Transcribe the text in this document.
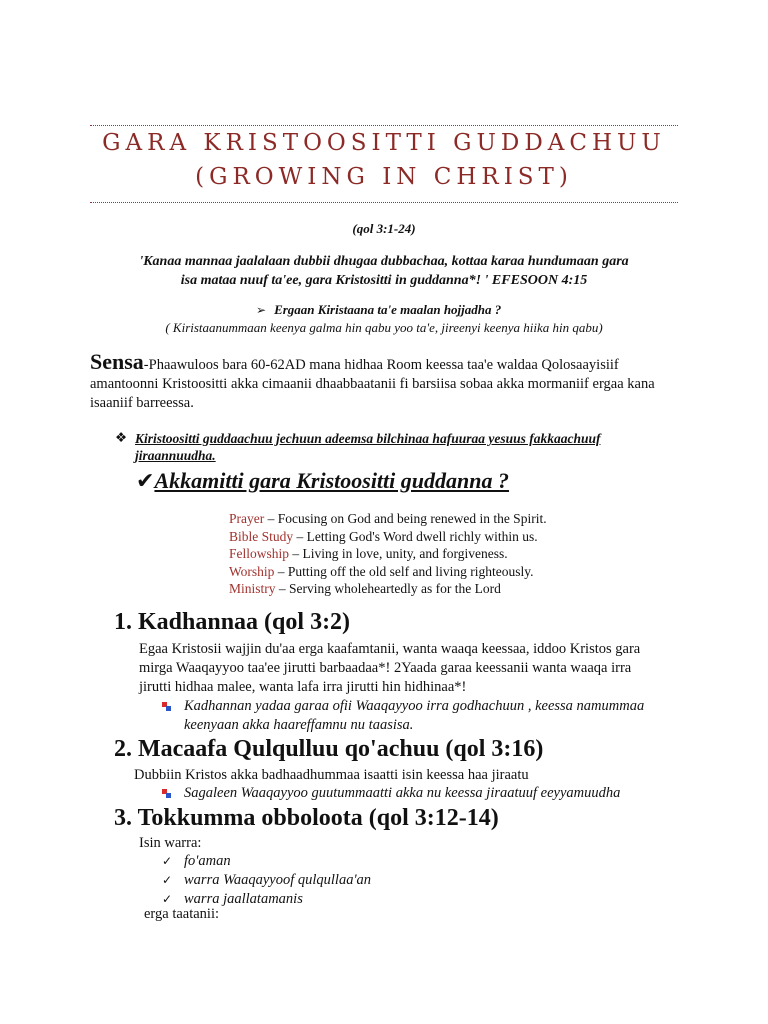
GARA KRISTOOSITTI GUDDACHUU
(GROWING IN CHRIST)
(qol 3:1-24)
'Kanaa mannaa jaalalaan dubbii dhugaa dubbachaa, kottaa karaa hundumaan gara
isa mataa nuuf ta'ee, gara Kristositti in guddanna*! ' EFESOON 4:15
➢ Ergaan Kiristaana ta'e maalan hojjadha ?
( Kiristaanummaan keenya galma hin qabu yoo ta'e, jireenyi keenya hiika hin qabu)
Sensa-Phaawuloos bara 60-62AD mana hidhaa Room keessa taa'e waldaa Qolosaayisiif
amantoonni Kristoositti akka cimaanii dhaabbaatanii fi barsiisa sobaa akka mormaniif ergaa kana
isaaniif barreessa.
❖ Kiristoositti guddaachuu jechuun adeemsa bilchinaa hafuuraa yesuus fakkaachuuf
jiraannuudha.
✔Akkamitti gara Kristoositti guddanna ?
Prayer – Focusing on God and being renewed in the Spirit.
Bible Study – Letting God's Word dwell richly within us.
Fellowship – Living in love, unity, and forgiveness.
Worship – Putting off the old self and living righteously.
Ministry – Serving wholeheartedly as for the Lord
1. Kadhannaa (qol 3:2)
Egaa Kristosii wajjin du'aa erga kaafamtanii, wanta waaqa keessaa, iddoo Kristos gara
mirga Waaqayyoo taa'ee jirutti barbaadaa*! 2Yaada garaa keessanii wanta waaqa irra
jirutti hidhaa malee, wanta lafa irra jirutti hin hidhinaa*!
Kadhannan yadaa garaa ofii Waaqayyoo irra godhachuun , keessa namummaa
keenyaan akka haareffamnu nu taasisa.
2. Macaafa Qulqulluu qo'achuu (qol 3:16)
Dubbiin Kristos akka badhaadhummaa isaatti isin keessa haa jiraatu
Sagaleen Waaqayyoo guutummaatti akka nu keessa jiraatuuf eeyyamuudha
3. Tokkumma obboloota (qol 3:12-14)
Isin warra:
✓ fo'aman
✓ warra Waaqayyoof qulqullaa'an
✓ warra jaallatamanis
erga taatanii:
